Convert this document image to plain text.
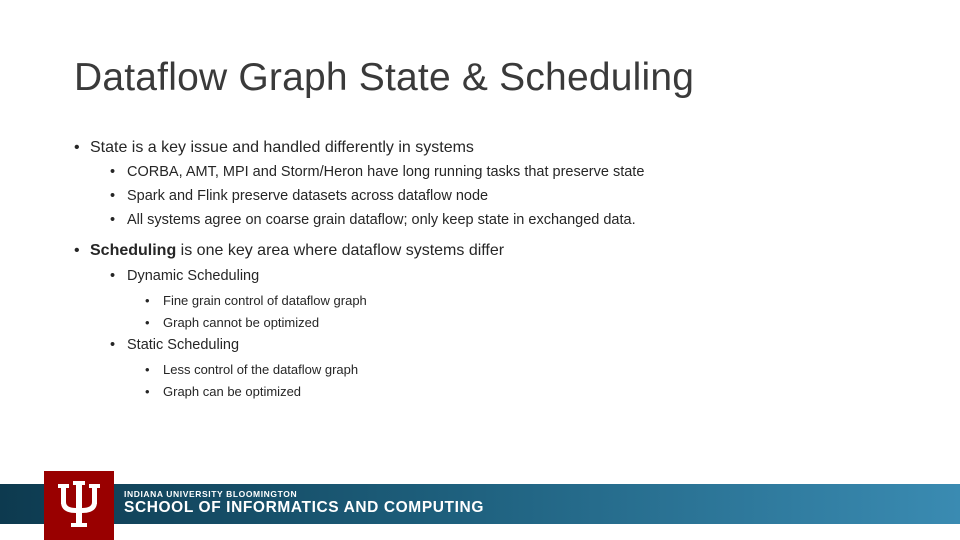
Dataflow Graph State & Scheduling
• State is a key issue and handled differently in systems
• CORBA, AMT, MPI and Storm/Heron have long running tasks that preserve state
• Spark and Flink preserve datasets across dataflow node
• All systems agree on coarse grain dataflow; only keep state in exchanged data.
• Scheduling is one key area where dataflow systems differ
• Dynamic Scheduling
• Fine grain control of dataflow graph
• Graph cannot be optimized
• Static Scheduling
• Less control of the dataflow graph
• Graph can be optimized
INDIANA UNIVERSITY BLOOMINGTON
SCHOOL OF INFORMATICS AND COMPUTING
